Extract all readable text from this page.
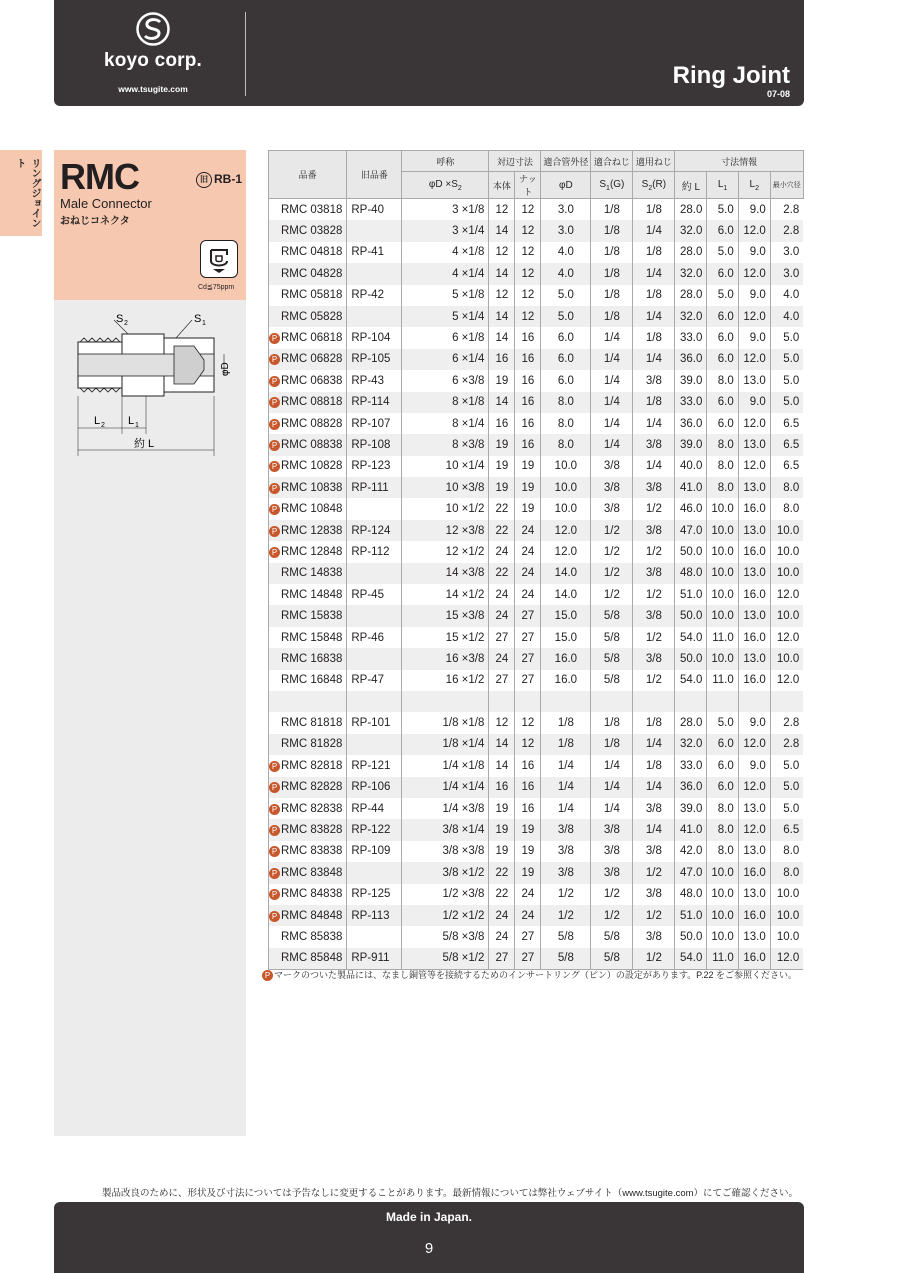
koyo corp.
www.tsugite.com	Ring Joint
07-08
リングジョイント RMC	旧 RB-1
Male Connector
おねじコネクタ
Cd≦75ppm
S 2	S 1
φD
L 2 L 1
約 L
品番	旧品番	呼称	対辺寸法		適合管外径	適合ねじ	適用ねじ	寸法情報			
		$\varphi D \times S_2$	本体	ナット	φD	$S_1(G)$	$S_2(R)$	約 L	$L_1$	$L_2$	最小穴径
RMC 03818	RP-40	3 ×1/8	12	12	3.0	1/8	1/8	28.0	5.0	9.0	2.8
RMC 03828		3 ×1/4	14	12	3.0	1/8	1/4	32.0	6.0	12.0	2.8
RMC 04818	RP-41	4 ×1/8	12	12	4.0	1/8	1/8	28.0	5.0	9.0	3.0
RMC 04828		4 ×1/4	14	12	4.0	1/8	1/4	32.0	6.0	12.0	3.0
RMC 05818	RP-42	5 ×1/8	12	12	5.0	1/8	1/8	28.0	5.0	9.0	4.0
RMC 05828		5 ×1/4	14	12	5.0	1/8	1/4	32.0	6.0	12.0	4.0
P RMC 06818	RP-104	6 ×1/8	14	16	6.0	1/4	1/8	33.0	6.0	9.0	5.0
P RMC 06828	RP-105	6 ×1/4	16	16	6.0	1/4	1/4	36.0	6.0	12.0	5.0
P RMC 06838	RP-43	6 ×3/8	19	16	6.0	1/4	3/8	39.0	8.0	13.0	5.0
P RMC 08818	RP-114	8 ×1/8	14	16	8.0	1/4	1/8	33.0	6.0	9.0	5.0
P RMC 08828	RP-107	8 ×1/4	16	16	8.0	1/4	1/4	36.0	6.0	12.0	6.5
P RMC 08838	RP-108	8 ×3/8	19	16	8.0	1/4	3/8	39.0	8.0	13.0	6.5
P RMC 10828	RP-123	10 ×1/4	19	19	10.0	3/8	1/4	40.0	8.0	12.0	6.5
P RMC 10838	RP-111	10 ×3/8	19	19	10.0	3/8	3/8	41.0	8.0	13.0	8.0
P RMC 10848		10 ×1/2	22	19	10.0	3/8	1/2	46.0	10.0	16.0	8.0
P RMC 12838	RP-124	12 ×3/8	22	24	12.0	1/2	3/8	47.0	10.0	13.0	10.0
P RMC 12848	RP-112	12 ×1/2	24	24	12.0	1/2	1/2	50.0	10.0	16.0	10.0
RMC 14838		14 ×3/8	22	24	14.0	1/2	3/8	48.0	10.0	13.0	10.0
RMC 14848	RP-45	14 ×1/2	24	24	14.0	1/2	1/2	51.0	10.0	16.0	12.0
RMC 15838		15 ×3/8	24	27	15.0	5/8	3/8	50.0	10.0	13.0	10.0
RMC 15848	RP-46	15 ×1/2	27	27	15.0	5/8	1/2	54.0	11.0	16.0	12.0
RMC 16838		16 ×3/8	24	27	16.0	5/8	3/8	50.0	10.0	13.0	10.0
RMC 16848	RP-47	16 ×1/2	27	27	16.0	5/8	1/2	54.0	11.0	16.0	12.0

RMC 81818	RP-101	1/8 ×1/8	12	12	1/8	1/8	1/8	28.0	5.0	9.0	2.8
RMC 81828		1/8 ×1/4	14	12	1/8	1/8	1/4	32.0	6.0	12.0	2.8
P RMC 82818	RP-121	1/4 ×1/8	14	16	1/4	1/4	1/8	33.0	6.0	9.0	5.0
P RMC 82828	RP-106	1/4 ×1/4	16	16	1/4	1/4	1/4	36.0	6.0	12.0	5.0
P RMC 82838	RP-44	1/4 ×3/8	19	16	1/4	1/4	3/8	39.0	8.0	13.0	5.0
P RMC 83828	RP-122	3/8 ×1/4	19	19	3/8	3/8	1/4	41.0	8.0	12.0	6.5
P RMC 83838	RP-109	3/8 ×3/8	19	19	3/8	3/8	3/8	42.0	8.0	13.0	8.0
P RMC 83848		3/8 ×1/2	22	19	3/8	3/8	1/2	47.0	10.0	16.0	8.0
P RMC 84838	RP-125	1/2 ×3/8	22	24	1/2	1/2	3/8	48.0	10.0	13.0	10.0
P RMC 84848	RP-113	1/2 ×1/2	24	24	1/2	1/2	1/2	51.0	10.0	16.0	10.0
RMC 85838		5/8 ×3/8	24	27	5/8	5/8	3/8	50.0	10.0	13.0	10.0
RMC 85848	RP-911	5/8 ×1/2	27	27	5/8	5/8	1/2	54.0	11.0	16.0	12.0
P マークのついた製品には、なまし銅管等を接続するためのインサートリング（ピン）の設定があります。P.22 をご参照ください。
製品改良のために、形状及び寸法については予告なしに変更することがあります。最新情報については弊社ウェブサイト（www.tsugite.com）にてご確認ください。
Made in Japan.
9
